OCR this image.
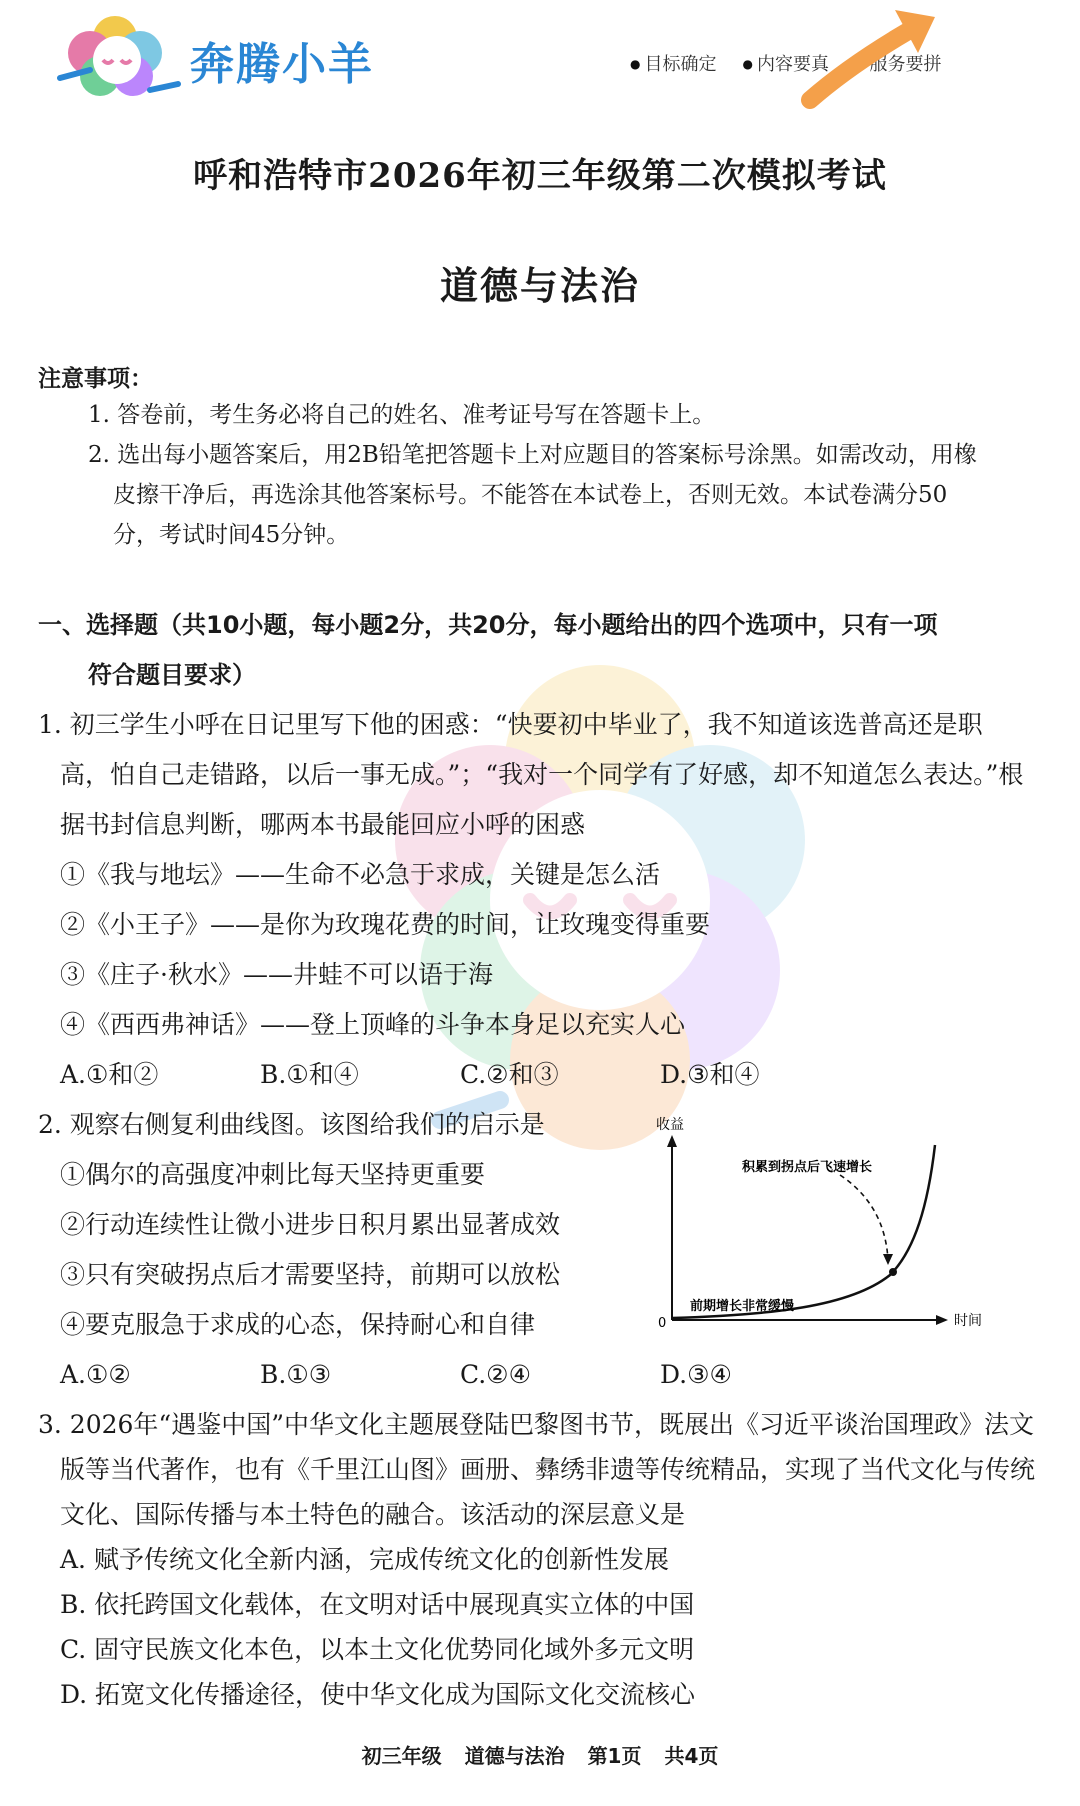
奔腾小羊	● 目标确定	● 内容要真	● 服务要拼
呼和浩特市2026年初三年级第二次模拟考试
道德与法治
注意事项：
1. 答卷前，考生务必将自己的姓名、准考证号写在答题卡上。
2. 选出每小题答案后，用2B铅笔把答题卡上对应题目的答案标号涂黑。如需改动，用橡
皮擦干净后，再选涂其他答案标号。不能答在本试卷上，否则无效。本试卷满分50
分，考试时间45分钟。
一、选择题（共10小题，每小题2分，共20分，每小题给出的四个选项中，只有一项
符合题目要求）
1. 初三学生小呼在日记里写下他的困惑：“快要初中毕业了，我不知道该选普高还是职
高，怕自己走错路，以后一事无成。”；“我对一个同学有了好感，却不知道怎么表达。”根
据书封信息判断，哪两本书最能回应小呼的困惑
①《我与地坛》——生命不必急于求成，关键是怎么活
②《小王子》——是你为玫瑰花费的时间，让玫瑰变得重要
③《庄子·秋水》——井蛙不可以语于海
④《西西弗神话》——登上顶峰的斗争本身足以充实人心
A.①和②	B.①和④	C.②和③	D.③和④
2. 观察右侧复利曲线图。该图给我们的启示是
①偶尔的高强度冲刺比每天坚持更重要
②行动连续性让微小进步日积月累出显著成效
③只有突破拐点后才需要坚持，前期可以放松
④要克服急于求成的心态，保持耐心和自律
A.①②	B.①③	C.②④	D.③④
收益
时间
0
积累到拐点后飞速增长
前期增长非常缓慢
3. 2026年“遇鉴中国”中华文化主题展登陆巴黎图书节，既展出《习近平谈治国理政》法文
版等当代著作，也有《千里江山图》画册、彝绣非遗等传统精品，实现了当代文化与传统
文化、国际传播与本土特色的融合。该活动的深层意义是
A. 赋予传统文化全新内涵，完成传统文化的创新性发展
B. 依托跨国文化载体，在文明对话中展现真实立体的中国
C. 固守民族文化本色，以本土文化优势同化域外多元文明
D. 拓宽文化传播途径，使中华文化成为国际文化交流核心
初三年级 道德与法治 第1页 共4页
